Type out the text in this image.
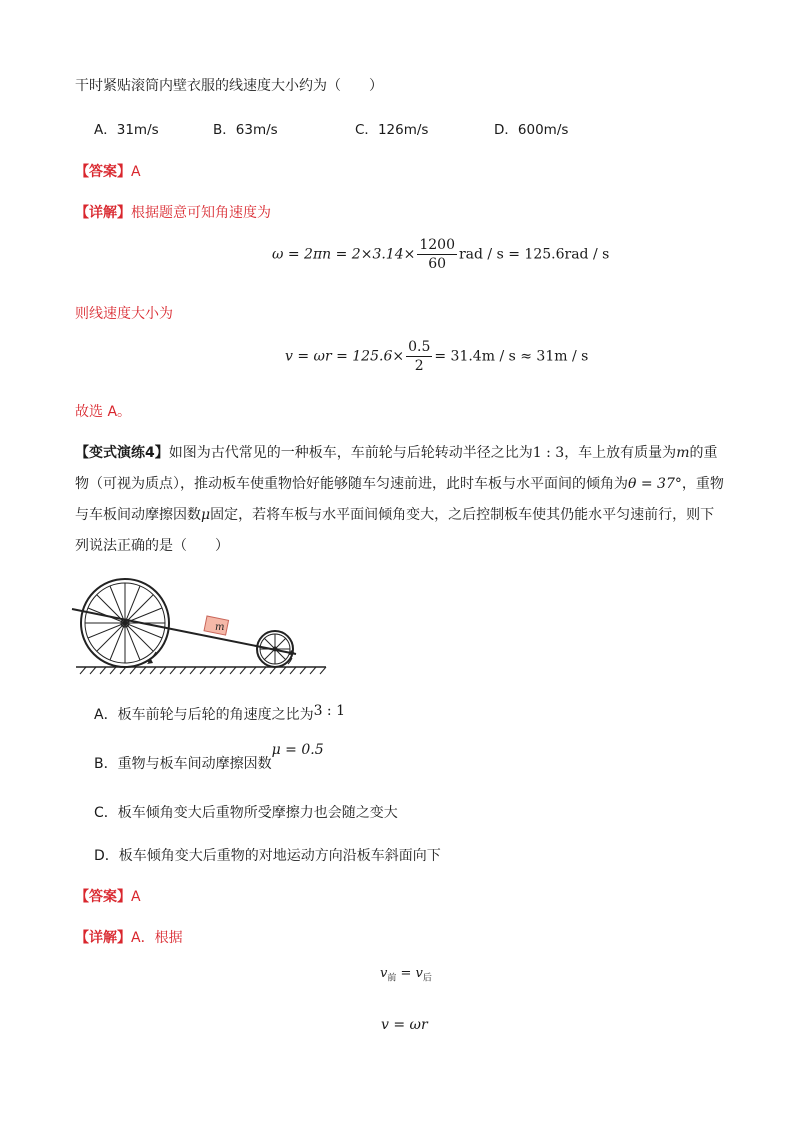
干时紧贴滚筒内壁衣服的线速度大小约为（　　）
A．31m/s	B．63m/s	C．126m/s	D．600m/s
【答案】A
【详解】根据题意可知角速度为
$\omega = 2\pi n = 2\times 3.14\times \frac{1200}{60}$ rad / s = 125.6rad / s
则线速度大小为
$v = \omega r = 125.6\times \frac{0.5}{2} = 31.4m / s \approx 31m / s$
故选 A。
【变式演练4】如图为古代常见的一种板车，车前轮与后轮转动半径之比为1 : 3，车上放有质量为m的重
物（可视为质点），推动板车使重物恰好能够随车匀速前进，此时车板与水平面间的倾角为θ = 37°，重物
与车板间动摩擦因数μ固定，若将车板与水平面间倾角变大，之后控制板车使其仍能水平匀速前行，则下
列说法正确的是（　　）
m
A．板车前轮与后轮的角速度之比为3 : 1
B．重物与板车间动摩擦因数μ = 0.5
C．板车倾角变大后重物所受摩擦力也会随之变大
D．板车倾角变大后重物的对地运动方向沿板车斜面向下
【答案】A
【详解】A．根据
$v_前 = v_后$
v = ωr
